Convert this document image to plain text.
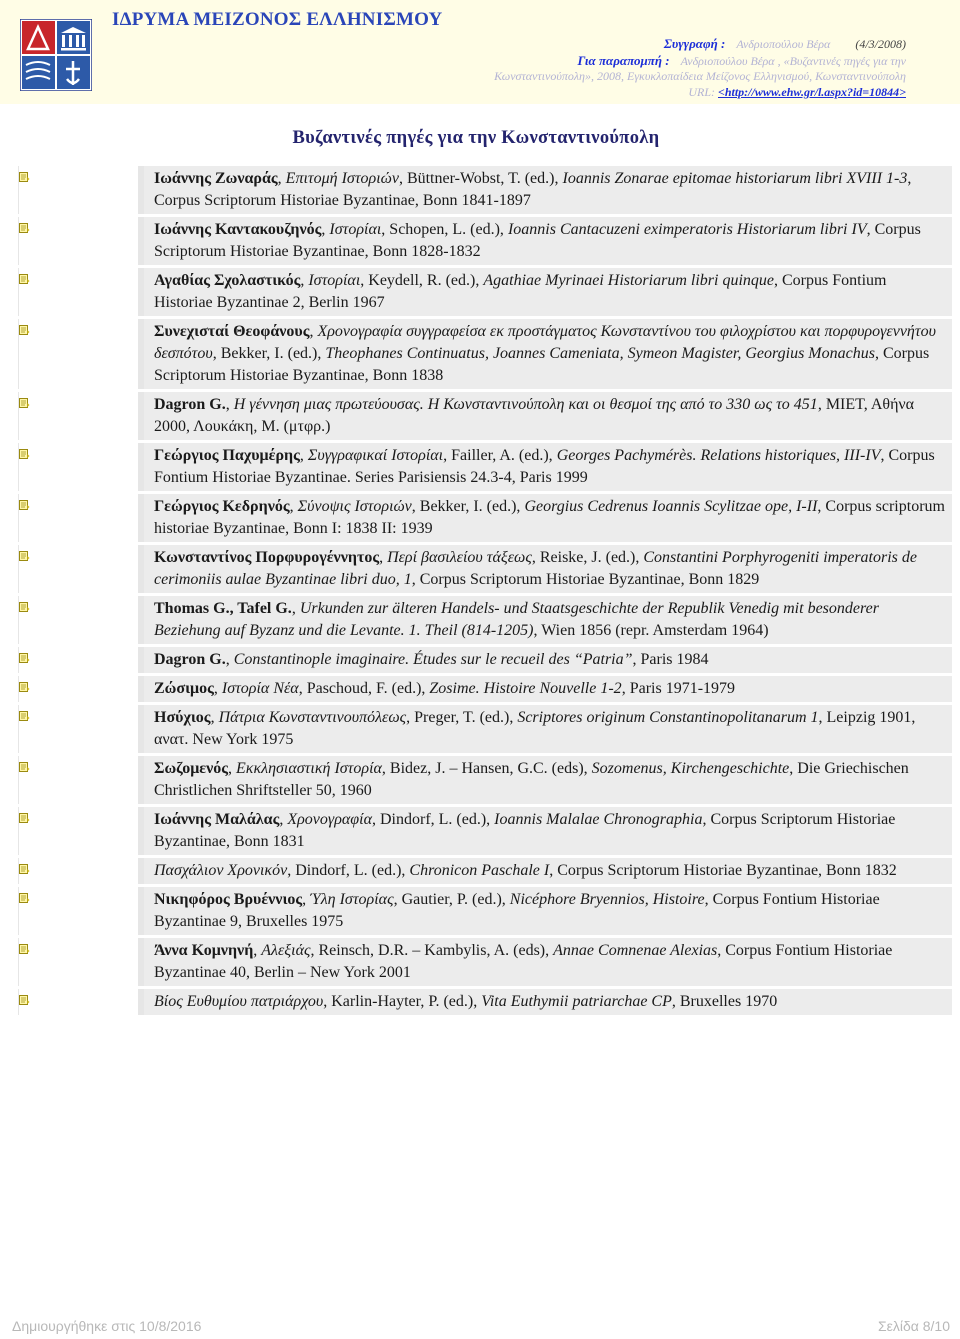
ΙΔΡΥΜΑ ΜΕΙΖΟΝΟΣ ΕΛΛΗΝΙΣΜΟΥ
Συγγραφή : Ανδριοπούλου Βέρα (4/3/2008)
Για παραπομπή : Ανδριοπούλου Βέρα , «Βυζαντινές πηγές για την
Κωνσταντινούπολη», 2008, Εγκυκλοπαίδεια Μείζονος Ελληνισμού, Κωνσταντινούπολη
URL: <http://www.ehw.gr/l.aspx?id=10844>
Βυζαντινές πηγές για την Κωνσταντινούπολη
Ιωάννης Ζωναράς, Επιτομή Ιστοριών, Büttner-Wobst, T. (ed.), Ioannis Zonarae epitomae historiarum libri XVIII 1-3, Corpus Scriptorum Historiae Byzantinae, Bonn 1841-1897
Ιωάννης Καντακουζηνός, Ιστορίαι, Schopen, L. (ed.), Ioannis Cantacuzeni eximperatoris Historiarum libri IV, Corpus Scriptorum Historiae Byzantinae, Bonn 1828-1832
Αγαθίας Σχολαστικός, Ιστορίαι, Keydell, R. (ed.), Agathiae Myrinaei Historiarum libri quinque, Corpus Fontium Historiae Byzantinae 2, Berlin 1967
Συνεχισταί Θεοφάνους, Χρονογραφία συγγραφείσα εκ προστάγματος Κωνσταντίνου του φιλοχρίστου και πορφυρογεννήτου δεσπότου, Bekker, I. (ed.), Theophanes Continuatus, Joannes Cameniata, Symeon Magister, Georgius Monachus, Corpus Scriptorum Historiae Byzantinae, Bonn 1838
Dagron G., Η γέννηση μιας πρωτεύουσας. Η Κωνσταντινούπολη και οι θεσμοί της από το 330 ως το 451, ΜΙΕΤ, Αθήνα 2000, Λουκάκη, Μ. (μτφρ.)
Γεώργιος Παχυμέρης, Συγγραφικαί Ιστορίαι, Failler, A. (ed.), Georges Pachymérès. Relations historiques, III-IV, Corpus Fontium Historiae Byzantinae. Series Parisiensis 24.3-4, Paris 1999
Γεώργιος Κεδρηνός, Σύνοψις Ιστοριών, Bekker, I. (ed.), Georgius Cedrenus Ioannis Scylitzae ope, I-II, Corpus scriptorum historiae Byzantinae, Bonn I: 1838 II: 1939
Κωνσταντίνος Πορφυρογέννητος, Περί βασιλείου τάξεως, Reiske, J. (ed.), Constantini Porphyrogeniti imperatoris de cerimoniis aulae Byzantinae libri duo, 1, Corpus Scriptorum Historiae Byzantinae, Bonn 1829
Thomas G., Tafel G., Urkunden zur älteren Handels- und Staatsgeschichte der Republik Venedig mit besonderer Beziehung auf Byzanz und die Levante. 1. Theil (814-1205), Wien 1856 (repr. Amsterdam 1964)
Dagron G., Constantinople imaginaire. Études sur le recueil des “Patria”, Paris 1984
Ζώσιμος, Ιστορία Νέα, Paschoud, F. (ed.), Zosime. Histoire Nouvelle 1-2, Paris 1971-1979
Ησύχιος, Πάτρια Κωνσταντινουπόλεως, Preger, T. (ed.), Scriptores originum Constantinopolitanarum 1, Leipzig 1901, ανατ. New York 1975
Σωζομενός, Εκκλησιαστική Ιστορία, Bidez, J. – Hansen, G.C. (eds), Sozomenus, Kirchengeschichte, Die Griechischen Christlichen Shriftsteller 50, 1960
Ιωάννης Μαλάλας, Χρονογραφία, Dindorf, L. (ed.), Ioannis Malalae Chronographia, Corpus Scriptorum Historiae Byzantinae, Bonn 1831
Πασχάλιον Χρονικόν, Dindorf, L. (ed.), Chronicon Paschale I, Corpus Scriptorum Historiae Byzantinae, Bonn 1832
Νικηφόρος Βρυέννιος, Ύλη Ιστορίας, Gautier, P. (ed.), Nicéphore Bryennios, Histoire, Corpus Fontium Historiae Byzantinae 9, Bruxelles 1975
Άννα Κομνηνή, Αλεξιάς, Reinsch, D.R. – Kambylis, A. (eds), Annae Comnenae Alexias, Corpus Fontium Historiae Byzantinae 40, Berlin – New York 2001
Βίος Ευθυμίου πατριάρχου, Karlin-Hayter, P. (ed.), Vita Euthymii patriarchae CP, Bruxelles 1970
Δημιουργήθηκε στις 10/8/2016	Σελίδα 8/10
